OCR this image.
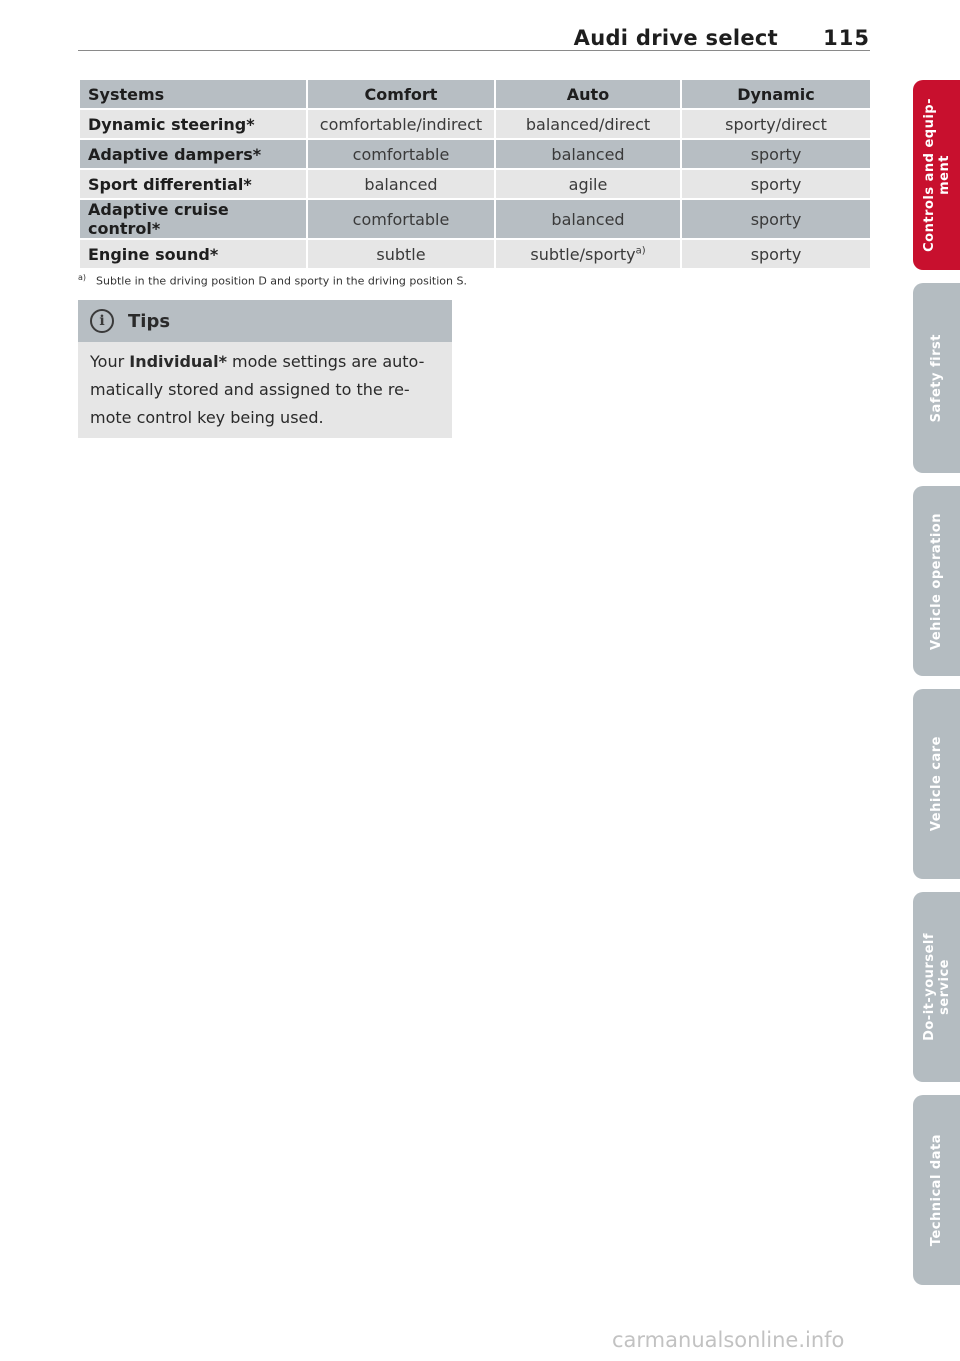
Audi drive select 115
Systems	Comfort	Auto	Dynamic
Dynamic steering*	comfortable/indirect	balanced/direct	sporty/direct
Adaptive dampers*	comfortable	balanced	sporty
Sport differential*	balanced	agile	sporty
Adaptive cruise control*	comfortable	balanced	sporty
Engine sound*	subtle	subtle/sporty$^{a)}$	sporty
$^{a)}$ Subtle in the driving position D and sporty in the driving position S.
i	Tips
Your Individual* mode settings are auto-matically stored and assigned to the re-mote control key being used.
Controls and equip-
ment
Safety first
Vehicle operation
Vehicle care
Do-it-yourself
service
Technical data
carmanualsonline.info
